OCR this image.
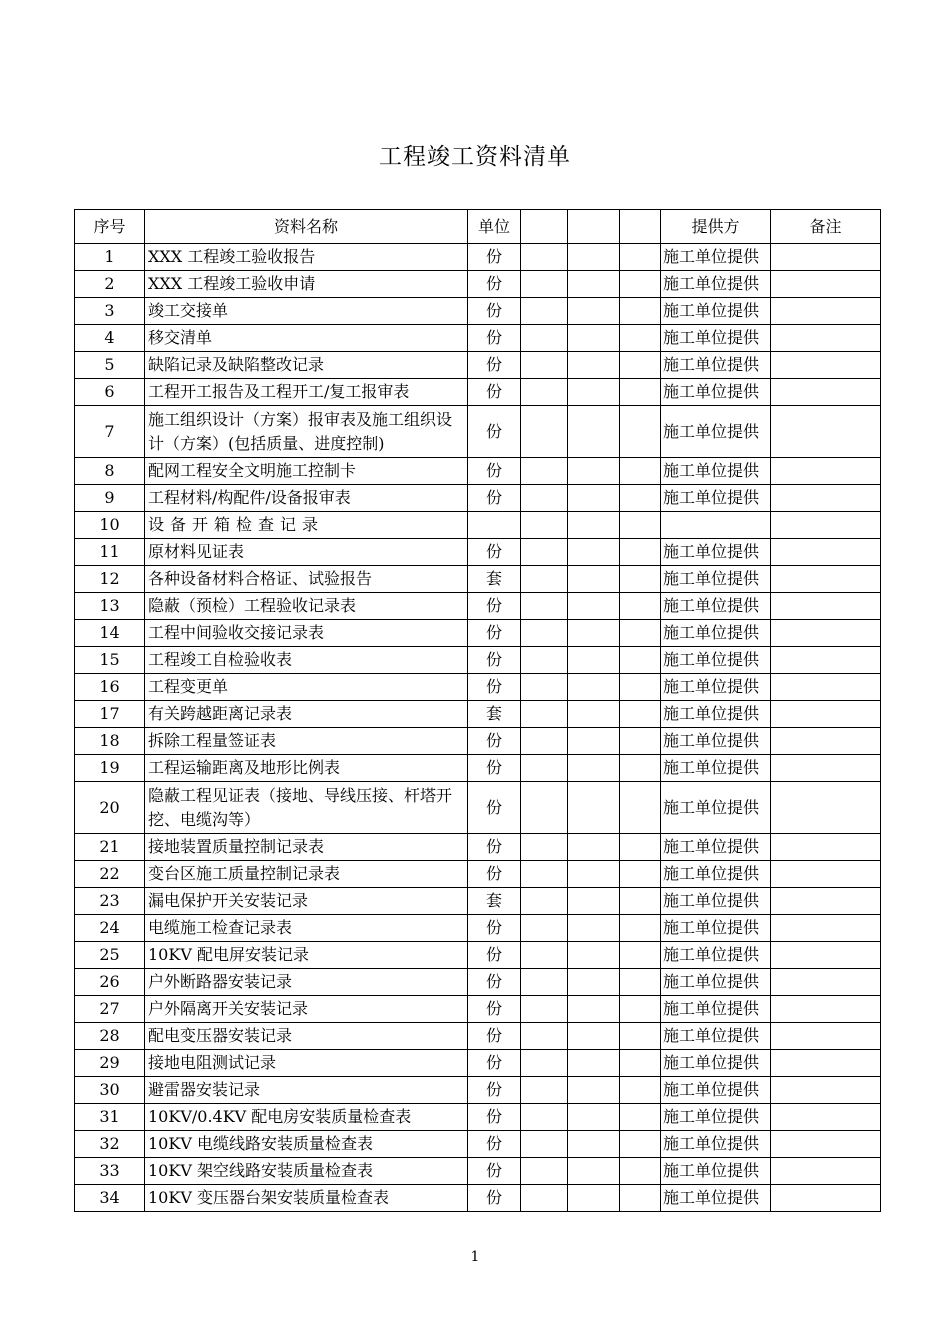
工程竣工资料清单
序号	资料名称	单位				提供方	备注
1	XXX 工程竣工验收报告	份				施工单位提供	
2	XXX 工程竣工验收申请	份				施工单位提供	
3	竣工交接单	份				施工单位提供	
4	移交清单	份				施工单位提供	
5	缺陷记录及缺陷整改记录	份				施工单位提供	
6	工程开工报告及工程开工/复工报审表	份				施工单位提供	
7	施工组织设计（方案）报审表及施工组织设计（方案）(包括质量、进度控制)	份				施工单位提供	
8	配网工程安全文明施工控制卡	份				施工单位提供	
9	工程材料/构配件/设备报审表	份				施工单位提供	
10	设备开箱检查记录						
11	原材料见证表	份				施工单位提供	
12	各种设备材料合格证、试验报告	套				施工单位提供	
13	隐蔽（预检）工程验收记录表	份				施工单位提供	
14	工程中间验收交接记录表	份				施工单位提供	
15	工程竣工自检验收表	份				施工单位提供	
16	工程变更单	份				施工单位提供	
17	有关跨越距离记录表	套				施工单位提供	
18	拆除工程量签证表	份				施工单位提供	
19	工程运输距离及地形比例表	份				施工单位提供	
20	隐蔽工程见证表（接地、导线压接、杆塔开挖、电缆沟等）	份				施工单位提供	
21	接地装置质量控制记录表	份				施工单位提供	
22	变台区施工质量控制记录表	份				施工单位提供	
23	漏电保护开关安装记录	套				施工单位提供	
24	电缆施工检查记录表	份				施工单位提供	
25	10KV 配电屏安装记录	份				施工单位提供	
26	户外断路器安装记录	份				施工单位提供	
27	户外隔离开关安装记录	份				施工单位提供	
28	配电变压器安装记录	份				施工单位提供	
29	接地电阻测试记录	份				施工单位提供	
30	避雷器安装记录	份				施工单位提供	
31	10KV/0.4KV 配电房安装质量检查表	份				施工单位提供	
32	10KV 电缆线路安装质量检查表	份				施工单位提供	
33	10KV 架空线路安装质量检查表	份				施工单位提供	
34	10KV 变压器台架安装质量检查表	份				施工单位提供	
1
